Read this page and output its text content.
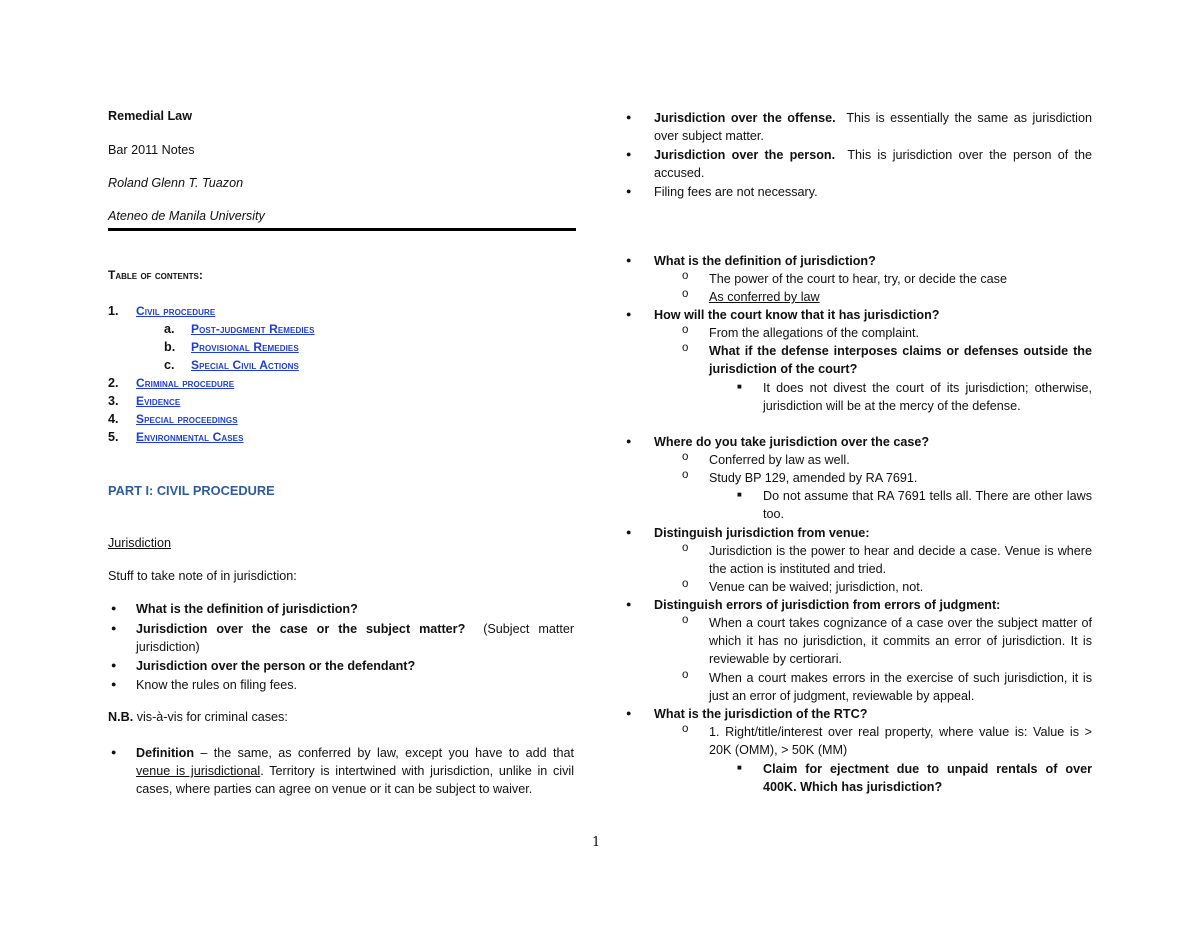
Remedial Law
Bar 2011 Notes
Roland Glenn T. Tuazon
Ateneo de Manila University
Table of contents:
1. Civil procedure
a. Post-judgment Remedies
b. Provisional Remedies
c. Special Civil Actions
2. Criminal procedure
3. Evidence
4. Special proceedings
5. Environmental Cases
PART I: CIVIL PROCEDURE
Jurisdiction
Stuff to take note of in jurisdiction:
● What is the definition of jurisdiction?
● Jurisdiction over the case or the subject matter? (Subject matter jurisdiction)
● Jurisdiction over the person or the defendant?
● Know the rules on filing fees.
N.B. vis-à-vis for criminal cases:
● Definition – the same, as conferred by law, except you have to add that venue is jurisdictional. Territory is intertwined with jurisdiction, unlike in civil cases, where parties can agree on venue or it can be subject to waiver.
● Jurisdiction over the offense. This is essentially the same as jurisdiction over subject matter.
● Jurisdiction over the person. This is jurisdiction over the person of the accused.
● Filing fees are not necessary.
● What is the definition of jurisdiction?
o The power of the court to hear, try, or decide the case
o As conferred by law
● How will the court know that it has jurisdiction?
o From the allegations of the complaint.
o What if the defense interposes claims or defenses outside the jurisdiction of the court?
■ It does not divest the court of its jurisdiction; otherwise, jurisdiction will be at the mercy of the defense.
● Where do you take jurisdiction over the case?
o Conferred by law as well.
o Study BP 129, amended by RA 7691.
■ Do not assume that RA 7691 tells all. There are other laws too.
● Distinguish jurisdiction from venue:
o Jurisdiction is the power to hear and decide a case. Venue is where the action is instituted and tried.
o Venue can be waived; jurisdiction, not.
● Distinguish errors of jurisdiction from errors of judgment:
o When a court takes cognizance of a case over the subject matter of which it has no jurisdiction, it commits an error of jurisdiction. It is reviewable by certiorari.
o When a court makes errors in the exercise of such jurisdiction, it is just an error of judgment, reviewable by appeal.
● What is the jurisdiction of the RTC?
o 1. Right/title/interest over real property, where value is: Value is > 20K (OMM), > 50K (MM)
■ Claim for ejectment due to unpaid rentals of over 400K. Which has jurisdiction?
1
